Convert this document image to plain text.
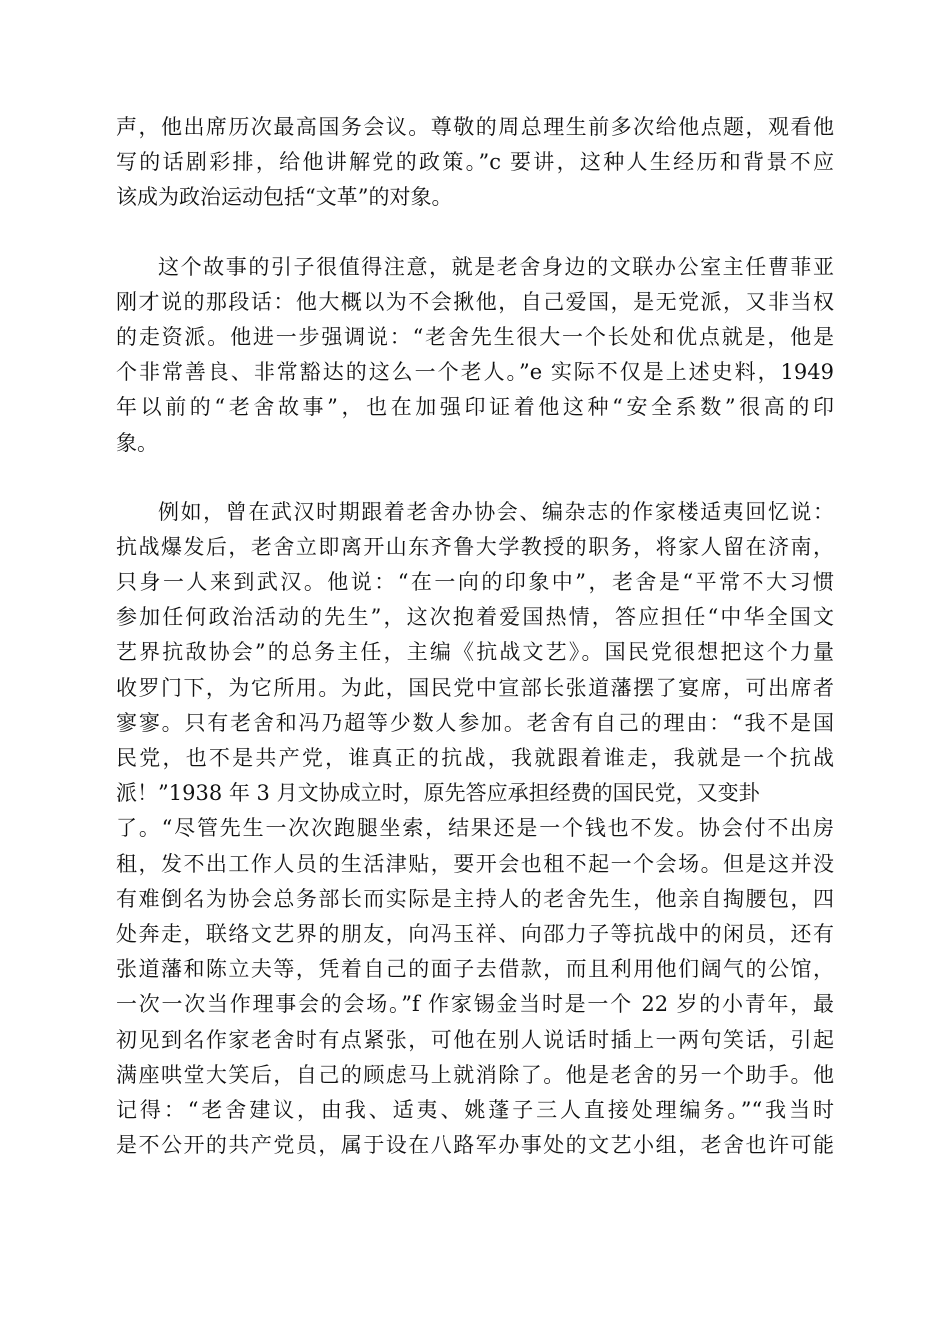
声，他出席历次最高国务会议。尊敬的周总理生前多次给他点题，观看他
写的话剧彩排，给他讲解党的政策。”c 要讲，这种人生经历和背景不应
该成为政治运动包括“文革”的对象。
这个故事的引子很值得注意，就是老舍身边的文联办公室主任曹菲亚
刚才说的那段话：他大概以为不会揪他，自己爱国，是无党派，又非当权
的走资派。他进一步强调说：“老舍先生很大一个长处和优点就是，他是
个非常善良、非常豁达的这么一个老人。”e 实际不仅是上述史料，1949
年以前的“老舍故事”，也在加强印证着他这种“安全系数”很高的印
象。
例如，曾在武汉时期跟着老舍办协会、编杂志的作家楼适夷回忆说：
抗战爆发后，老舍立即离开山东齐鲁大学教授的职务，将家人留在济南，
只身一人来到武汉。他说：“在一向的印象中”，老舍是“平常不大习惯
参加任何政治活动的先生”，这次抱着爱国热情，答应担任“中华全国文
艺界抗敌协会”的总务主任，主编《抗战文艺》。国民党很想把这个力量
收罗门下，为它所用。为此，国民党中宣部长张道藩摆了宴席，可出席者
寥寥。只有老舍和冯乃超等少数人参加。老舍有自己的理由：“我不是国
民党，也不是共产党，谁真正的抗战，我就跟着谁走，我就是一个抗战
派！”1938 年 3 月文协成立时，原先答应承担经费的国民党，又变卦
了。“尽管先生一次次跑腿坐索，结果还是一个钱也不发。协会付不出房
租，发不出工作人员的生活津贴，要开会也租不起一个会场。但是这并没
有难倒名为协会总务部长而实际是主持人的老舍先生，他亲自掏腰包，四
处奔走，联络文艺界的朋友，向冯玉祥、向邵力子等抗战中的闲员，还有
张道藩和陈立夫等，凭着自己的面子去借款，而且利用他们阔气的公馆，
一次一次当作理事会的会场。”f 作家锡金当时是一个 22 岁的小青年，最
初见到名作家老舍时有点紧张，可他在别人说话时插上一两句笑话，引起
满座哄堂大笑后，自己的顾虑马上就消除了。他是老舍的另一个助手。他
记得：“老舍建议，由我、适夷、姚蓬子三人直接处理编务。”“我当时
是不公开的共产党员，属于设在八路军办事处的文艺小组，老舍也许可能
